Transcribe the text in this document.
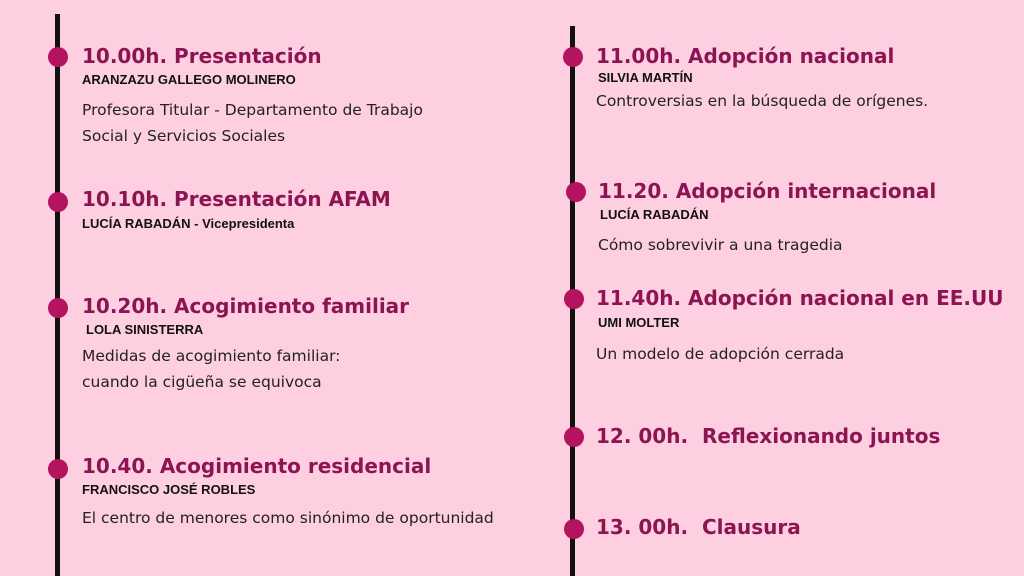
10.00h. Presentación

ARANZAZU GALLEGO MOLINERO

Profesora Titular - Departamento de Trabajo Social y Servicios Sociales

10.10h. Presentación AFAM

LUCÍA RABADÁN - Vicepresidenta

10.20h. Acogimiento familiar

LOLA SINISTERRA

Medidas de acogimiento familiar: cuando la cigüeña se equivoca

10.40. Acogimiento residencial

FRANCISCO JOSÉ ROBLES

El centro de menores como sinónimo de oportunidad

11.00h. Adopción nacional

SILVIA MARTÍN

Controversias en la búsqueda de orígenes.

11.20. Adopción internacional

LUCÍA RABADÁN

Cómo sobrevivir a una tragedia

11.40h. Adopción nacional en EE.UU

UMI MOLTER

Un modelo de adopción cerrada

12. 00h.  Reflexionando juntos
13. 00h.  Clausura
